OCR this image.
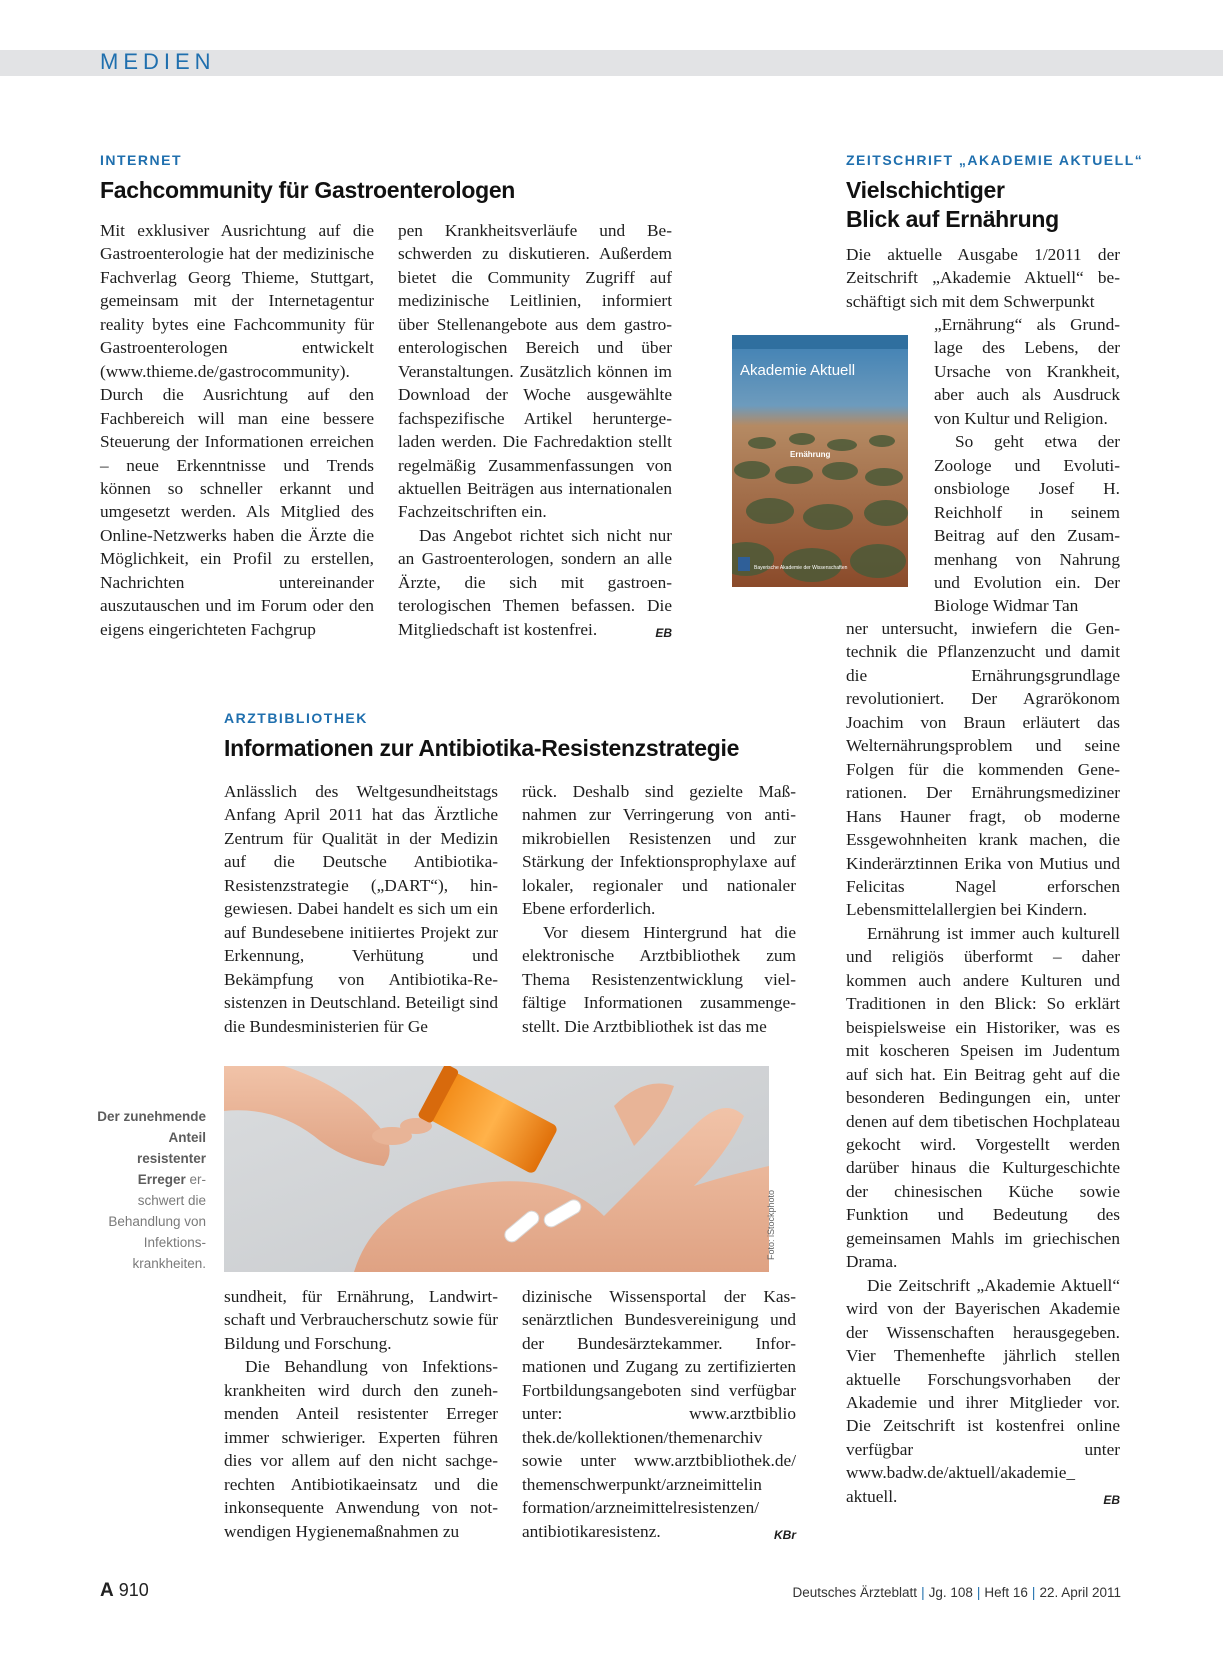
MEDIEN
INTERNET
Fachcommunity für Gastroenterologen

Mit exklusiver Ausrichtung auf die Gastroenterologie hat der medizinische Fachverlag Georg Thieme, Stuttgart, gemeinsam mit der Internetagentur reality bytes eine Fachcommunity für Gastroenterologen entwickelt (www.thieme.de/gastrocommunity). Durch die Ausrichtung auf den Fachbereich will man eine bessere Steuerung der Informationen erreichen – neue Erkenntnisse und Trends können so schneller erkannt und umgesetzt werden. Als Mitglied des Online-Netzwerks haben die Ärzte die Möglichkeit, ein Profil zu erstellen, Nachrichten untereinander auszutauschen und im Forum oder den eigens eingerichteten Fachgrup

pen Krankheitsverläufe und Beschwerden zu diskutieren. Außerdem bietet die Community Zugriff auf medizinische Leitlinien, informiert über Stellenangebote aus dem gastroenterologischen Bereich und über Veranstaltungen. Zusätzlich können im Download der Woche ausgewählte fachspezifische Artikel heruntergeladen werden. Die Fachredaktion stellt regelmäßig Zusammenfassungen von aktuellen Beiträgen aus internationalen Fachzeitschriften ein.

Das Angebot richtet sich nicht nur an Gastroenterologen, sondern an alle Ärzte, die sich mit gastroenterologischen Themen befassen. Die Mitgliedschaft ist kostenfrei.	EB

ZEITSCHRIFT „AKADEMIE AKTUELL“
Vielschichtiger
Blick auf Ernährung

Die aktuelle Ausgabe 1/2011 der Zeitschrift „Akademie Aktuell“ beschäftigt sich mit dem Schwerpunkt

„Ernährung“ als Grundlage des Lebens, der Ursache von Krankheit, aber auch als Ausdruck von Kultur und Religion.

So geht etwa der Zoologe und Evolutionsbiologe Josef H. Reichholf in seinem Beitrag auf den Zusammenhang von Nahrung und Evolution ein. Der Biologe Widmar Tan

ner untersucht, inwiefern die Gentechnik die Pflanzenzucht und damit die Ernährungsgrundlage revolutioniert. Der Agrarökonom Joachim von Braun erläutert das Welternährungsproblem und seine Folgen für die kommenden Generationen. Der Ernährungsmediziner Hans Hauner fragt, ob moderne Essgewohnheiten krank machen, die Kinderärztinnen Erika von Mutius und Felicitas Nagel erforschen Lebensmittelallergien bei Kindern.

Ernährung ist immer auch kulturell und religiös überformt – daher kommen auch andere Kulturen und Traditionen in den Blick: So erklärt beispielsweise ein Historiker, was es mit koscheren Speisen im Judentum auf sich hat. Ein Beitrag geht auf die besonderen Bedingungen ein, unter denen auf dem tibetischen Hochplateau gekocht wird. Vorgestellt werden darüber hinaus die Kulturgeschichte der chinesischen Küche sowie Funktion und Bedeutung des gemeinsamen Mahls im griechischen Drama.

Die Zeitschrift „Akademie Aktuell“ wird von der Bayerischen Akademie der Wissenschaften herausgegeben. Vier Themenhefte jährlich stellen aktuelle Forschungsvorhaben der Akademie und ihrer Mitglieder vor. Die Zeitschrift ist kostenfrei online verfügbar unter www.badw.de/aktuell/akademie_ aktuell.	EB

Akademie Aktuell
Ernährung
Bayerische Akademie der Wissenschaften
ARZTBIBLIOTHEK
Informationen zur Antibiotika-Resistenzstrategie

Anlässlich des Weltgesundheitstags Anfang April 2011 hat das Ärztliche Zentrum für Qualität in der Medizin auf die Deutsche Antibiotika-Resistenzstrategie („DART“), hingewiesen. Dabei handelt es sich um ein auf Bundesebene initiiertes Projekt zur Erkennung, Verhütung und Bekämpfung von Antibiotika-Resistenzen in Deutschland. Beteiligt sind die Bundesministerien für Ge

rück. Deshalb sind gezielte Maßnahmen zur Verringerung von antimikrobiellen Resistenzen und zur Stärkung der Infektionsprophylaxe auf lokaler, regionaler und nationaler Ebene erforderlich.

Vor diesem Hintergrund hat die elektronische Arztbibliothek zum Thema Resistenzentwicklung vielfältige Informationen zusammengestellt. Die Arztbibliothek ist das me

Foto: iStockphoto
Der zunehmende Anteil resistenter Erreger erschwert die Behandlung von Infektionskrankheiten.

sundheit, für Ernährung, Landwirtschaft und Verbraucherschutz sowie für Bildung und Forschung.

Die Behandlung von Infektionskrankheiten wird durch den zunehmenden Anteil resistenter Erreger immer schwieriger. Experten führen dies vor allem auf den nicht sachgerechten Antibiotikaeinsatz und die inkonsequente Anwendung von notwendigen Hygienemaßnahmen zu

dizinische Wissensportal der Kassenärztlichen Bundesvereinigung und der Bundesärztekammer. Informationen und Zugang zu zertifizierten Fortbildungsangeboten sind verfügbar unter: www.arztbiblio thek.de/kollektionen/themenarchiv sowie unter www.arztbibliothek.de/ themenschwerpunkt/arzneimittelin formation/arzneimittelresistenzen/ antibiotikaresistenz.	KBr

A 910	Deutsches Ärzteblatt | Jg. 108 | Heft 16 | 22. April 2011
